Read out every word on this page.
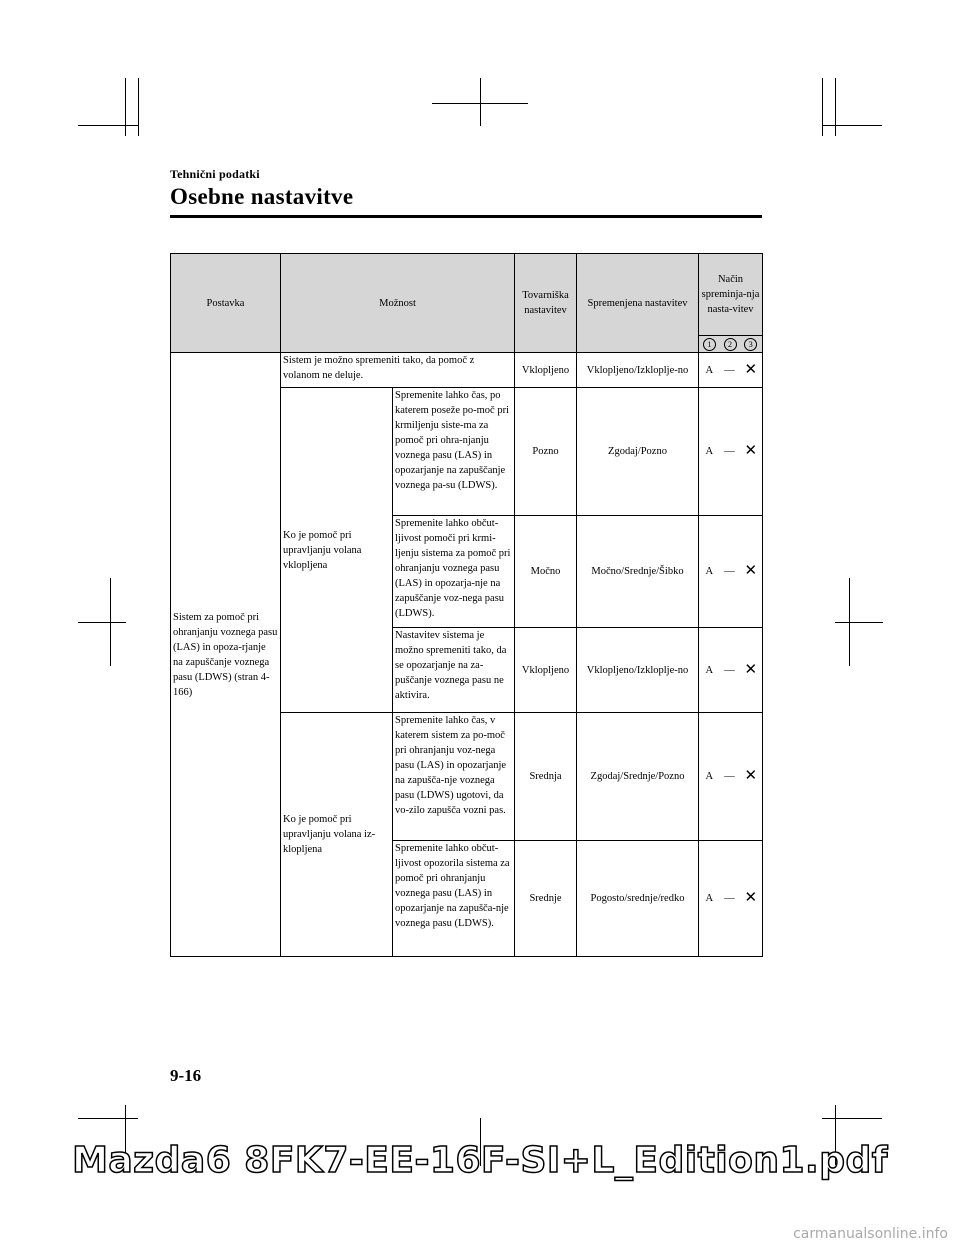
Tehnični podatki
Osebne nastavitve
Postavka	Možnost		Tovarniška nastavitev	Spremenjena nastavitev	Način spreminja-nja nasta-vitev		
					1	2	3
Sistem za pomoč pri ohranjanju voznega pasu (LAS) in opoza-rjanje na zapuščanje voznega pasu (LDWS) (stran 4-166)	Sistem je možno spremeniti tako, da pomoč z volanom ne deluje.		Vklopljeno	Vklopljeno/Izkloplje-no	A	—	✕
	Ko je pomoč pri upravljanju volana vklopljena	Spremenite lahko čas, po katerem poseže po-moč pri krmiljenju siste-ma za pomoč pri ohra-njanju voznega pasu (LAS) in opozarjanje na zapuščanje voznega pa-su (LDWS).	Pozno	Zgodaj/Pozno	A	—	✕
		Spremenite lahko občut-ljivost pomoči pri krmi-ljenju sistema za pomoč pri ohranjanju voznega pasu (LAS) in opozarja-nje na zapuščanje voz-nega pasu (LDWS).	Močno	Močno/Srednje/Šibko	A	—	✕
		Nastavitev sistema je možno spremeniti tako, da se opozarjanje na za-puščanje voznega pasu ne aktivira.	Vklopljeno	Vklopljeno/Izkloplje-no	A	—	✕
	Ko je pomoč pri upravljanju volana iz-klopljena	Spremenite lahko čas, v katerem sistem za po-moč pri ohranjanju voz-nega pasu (LAS) in opozarjanje na zapušča-nje voznega pasu (LDWS) ugotovi, da vo-zilo zapušča vozni pas.	Srednja	Zgodaj/Srednje/Pozno	A	—	✕
		Spremenite lahko občut-ljivost opozorila sistema za pomoč pri ohranjanju voznega pasu (LAS) in opozarjanje na zapušča-nje voznega pasu (LDWS).	Srednje	Pogosto/srednje/redko	A	—	✕
9-16
Mazda6 8FK7-EE-16F-SI+L_Edition1.pdf
carmanualsonline.info
